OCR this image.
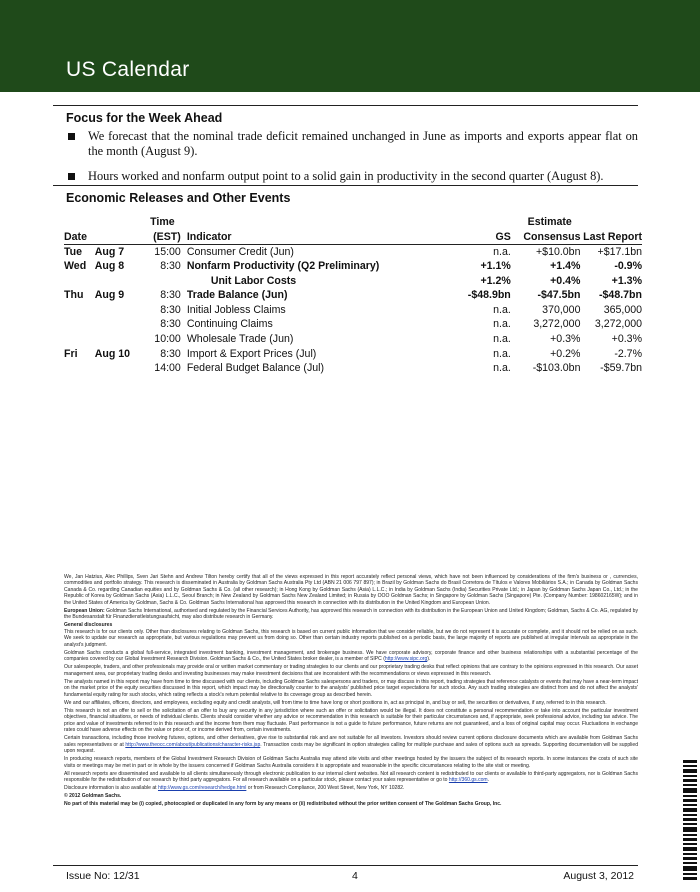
US Calendar
Focus for the Week Ahead
We forecast that the nominal trade deficit remained unchanged in June as imports and exports appear flat on the month (August 9).
Hours worked and nonfarm output point to a solid gain in productivity in the second quarter (August 8).
Economic Releases and Other Events
		Time		Estimate		
Date		(EST)	Indicator	GS	Consensus	Last Report
Tue	Aug 7	15:00	Consumer Credit (Jun)	n.a.	+$10.0bn	+$17.1bn
Wed	Aug 8	8:30	Nonfarm Productivity (Q2 Preliminary)	+1.1%	+1.4%	-0.9%
			Unit Labor Costs	+1.2%	+0.4%	+1.3%
Thu	Aug 9	8:30	Trade Balance (Jun)	-$48.9bn	-$47.5bn	-$48.7bn
		8:30	Initial Jobless Claims	n.a.	370,000	365,000
		8:30	Continuing Claims	n.a.	3,272,000	3,272,000
		10:00	Wholesale Trade (Jun)	n.a.	+0.3%	+0.3%
Fri	Aug 10	8:30	Import & Export Prices (Jul)	n.a.	+0.2%	-2.7%
		14:00	Federal Budget Balance (Jul)	n.a.	-$103.0bn	-$59.7bn

We, Jan Hatzius, Alec Phillips, Sven Jari Stehn and Andrew Tilton hereby certify that all of the views expressed in this report accurately reflect personal views, which have not been influenced by considerations of the firm's business or , currencies, commodities and portfolio strategy. This research is disseminated in Australia by Goldman Sachs Australia Pty Ltd (ABN 21 006 797 897); in Brazil by Goldman Sachs do Brasil Corretora de Títulos e Valores Mobiliários S.A.; in Canada by Goldman Sachs Canada & Co. regarding Canadian equities and by Goldman Sachs & Co. (all other research); in Hong Kong by Goldman Sachs (Asia) L.L.C.; in India by Goldman Sachs (India) Securities Private Ltd.; in Japan by Goldman Sachs Japan Co., Ltd.; in the Republic of Korea by Goldman Sachs (Asia) L.L.C., Seoul Branch; in New Zealand by Goldman Sachs New Zealand Limited; in Russia by OOO Goldman Sachs; in Singapore by Goldman Sachs (Singapore) Pte. (Company Number: 198602165W); and in the United States of America by Goldman, Sachs & Co. Goldman Sachs International has approved this research in connection with its distribution in the United Kingdom and European Union.

European Union: Goldman Sachs International, authorised and regulated by the Financial Services Authority, has approved this research in connection with its distribution in the European Union and United Kingdom; Goldman, Sachs & Co. AG, regulated by the Bundesanstalt für Finanzdienstleistungsaufsicht, may also distribute research in Germany.

General disclosures

This research is for our clients only. Other than disclosures relating to Goldman Sachs, this research is based on current public information that we consider reliable, but we do not represent it is accurate or complete, and it should not be relied on as such. We seek to update our research as appropriate, but various regulations may prevent us from doing so. Other than certain industry reports published on a periodic basis, the large majority of reports are published at irregular intervals as appropriate in the analyst's judgment.

Goldman Sachs conducts a global full-service, integrated investment banking, investment management, and brokerage business. We have corporate advisory, corporate finance and other business relationships with a substantial percentage of the companies covered by our Global Investment Research Division. Goldman Sachs & Co., the United States broker dealer, is a member of SIPC (http://www.sipc.org).

Our salespeople, traders, and other professionals may provide oral or written market commentary or trading strategies to our clients and our proprietary trading desks that reflect opinions that are contrary to the opinions expressed in this research. Our asset management area, our proprietary trading desks and investing businesses may make investment decisions that are inconsistent with the recommendations or views expressed in this research.

The analysts named in this report may have from time to time discussed with our clients, including Goldman Sachs salespersons and traders, or may discuss in this report, trading strategies that reference catalysts or events that may have a near-term impact on the market price of the equity securities discussed in this report, which impact may be directionally counter to the analysts' published price target expectations for such stocks. Any such trading strategies are distinct from and do not affect the analysts' fundamental equity rating for such stocks, which rating reflects a stock's return potential relative to its coverage group as described herein.

We and our affiliates, officers, directors, and employees, excluding equity and credit analysts, will from time to time have long or short positions in, act as principal in, and buy or sell, the securities or derivatives, if any, referred to in this research.

This research is not an offer to sell or the solicitation of an offer to buy any security in any jurisdiction where such an offer or solicitation would be illegal. It does not constitute a personal recommendation or take into account the particular investment objectives, financial situations, or needs of individual clients. Clients should consider whether any advice or recommendation in this research is suitable for their particular circumstances and, if appropriate, seek professional advice, including tax advice. The price and value of investments referred to in this research and the income from them may fluctuate. Past performance is not a guide to future performance, future returns are not guaranteed, and a loss of original capital may occur. Fluctuations in exchange rates could have adverse effects on the value or price of, or income derived from, certain investments.

Certain transactions, including those involving futures, options, and other derivatives, give rise to substantial risk and are not suitable for all investors. Investors should review current options disclosure documents which are available from Goldman Sachs sales representatives or at http://www.theocc.com/about/publications/character-risks.jsp. Transaction costs may be significant in option strategies calling for multiple purchase and sales of options such as spreads. Supporting documentation will be supplied upon request.

In producing research reports, members of the Global Investment Research Division of Goldman Sachs Australia may attend site visits and other meetings hosted by the issuers the subject of its research reports. In some instances the costs of such site visits or meetings may be met in part or in whole by the issuers concerned if Goldman Sachs Australia considers it is appropriate and reasonable in the specific circumstances relating to the site visit or meeting.

All research reports are disseminated and available to all clients simultaneously through electronic publication to our internal client websites. Not all research content is redistributed to our clients or available to third-party aggregators, nor is Goldman Sachs responsible for the redistribution of our research by third party aggregators. For all research available on a particular stock, please contact your sales representative or go to http://360.gs.com.

Disclosure information is also available at http://www.gs.com/research/hedge.html or from Research Compliance, 200 West Street, New York, NY 10282.

© 2012 Goldman Sachs.

No part of this material may be (i) copied, photocopied or duplicated in any form by any means or (ii) redistributed without the prior written consent of The Goldman Sachs Group, Inc.

Issue No: 12/31	4	August 3, 2012
